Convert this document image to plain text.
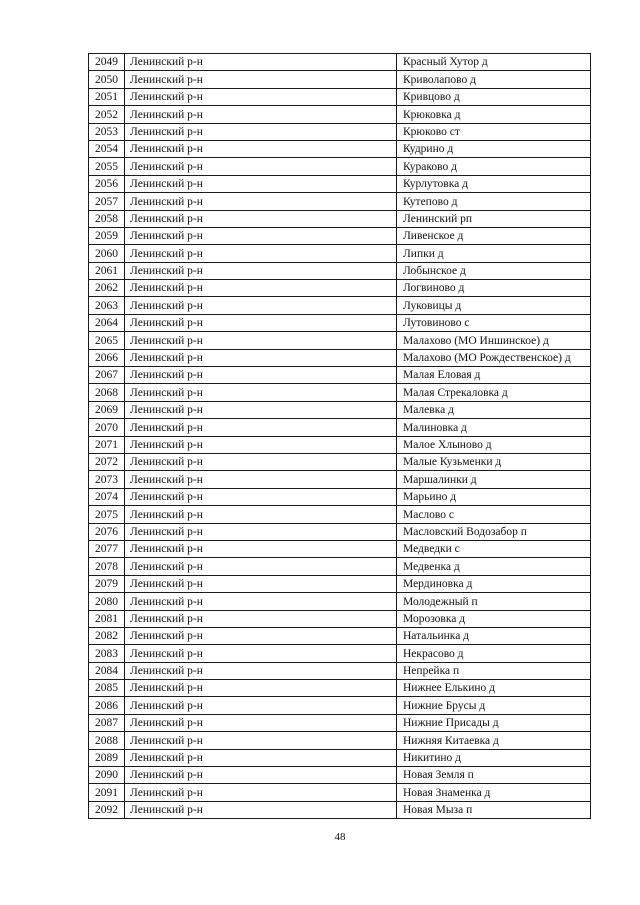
2049	Ленинский р-н	Красный Хутор д
2050	Ленинский р-н	Криволапово д
2051	Ленинский р-н	Кривцово д
2052	Ленинский р-н	Крюковка д
2053	Ленинский р-н	Крюково ст
2054	Ленинский р-н	Кудрино д
2055	Ленинский р-н	Кураково д
2056	Ленинский р-н	Курлутовка д
2057	Ленинский р-н	Кутепово д
2058	Ленинский р-н	Ленинский рп
2059	Ленинский р-н	Ливенское д
2060	Ленинский р-н	Липки д
2061	Ленинский р-н	Лобынское д
2062	Ленинский р-н	Логвиново д
2063	Ленинский р-н	Луковицы д
2064	Ленинский р-н	Лутовиново с
2065	Ленинский р-н	Малахово (МО Иншинское) д
2066	Ленинский р-н	Малахово (МО Рождественское) д
2067	Ленинский р-н	Малая Еловая д
2068	Ленинский р-н	Малая Стрекаловка д
2069	Ленинский р-н	Малевка д
2070	Ленинский р-н	Малиновка д
2071	Ленинский р-н	Малое Хлыново д
2072	Ленинский р-н	Малые Кузьменки д
2073	Ленинский р-н	Маршалинки д
2074	Ленинский р-н	Марьино д
2075	Ленинский р-н	Маслово с
2076	Ленинский р-н	Масловский Водозабор п
2077	Ленинский р-н	Медведки с
2078	Ленинский р-н	Медвенка д
2079	Ленинский р-н	Мердиновка д
2080	Ленинский р-н	Молодежный п
2081	Ленинский р-н	Морозовка д
2082	Ленинский р-н	Натальинка д
2083	Ленинский р-н	Некрасово д
2084	Ленинский р-н	Непрейка п
2085	Ленинский р-н	Нижнее Елькино д
2086	Ленинский р-н	Нижние Брусы д
2087	Ленинский р-н	Нижние Присады д
2088	Ленинский р-н	Нижняя Китаевка д
2089	Ленинский р-н	Никитино д
2090	Ленинский р-н	Новая Земля п
2091	Ленинский р-н	Новая Знаменка д
2092	Ленинский р-н	Новая Мыза п
48
